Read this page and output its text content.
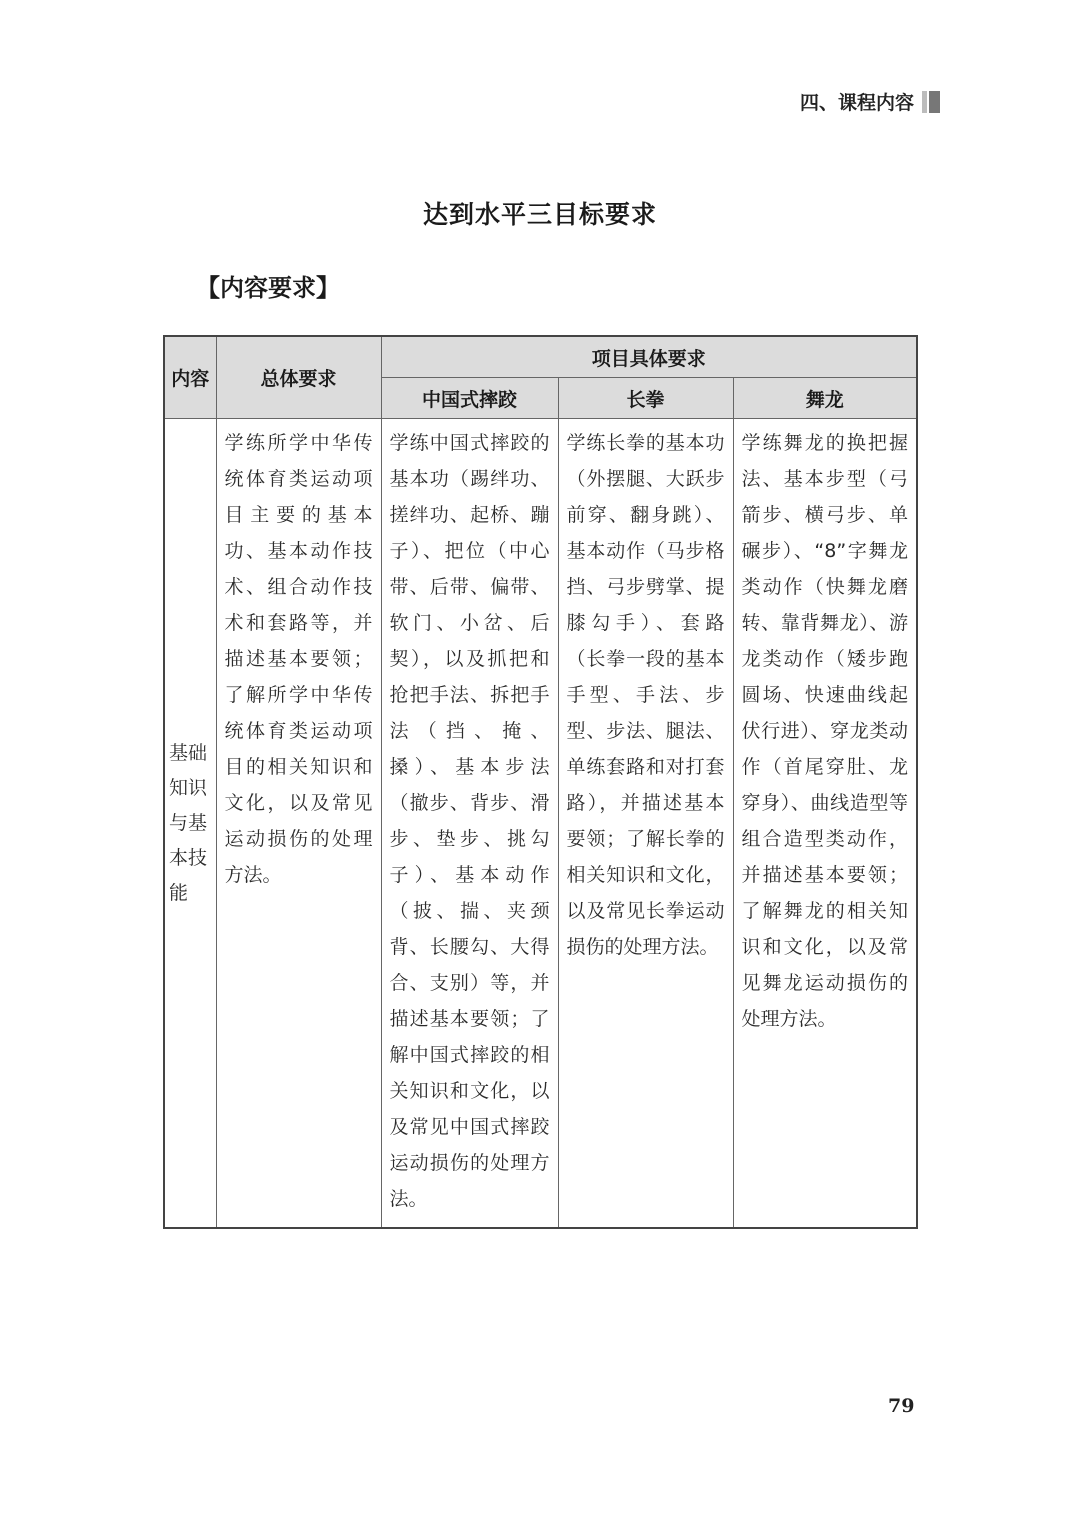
四、课程内容
达到水平三目标要求
【内容要求】
内容	总体要求	项目具体要求		
		中国式摔跤	长拳	舞龙
基础知识与基本技能	学练所学中华传统体育类运动项目主要的基本功、基本动作技术、组合动作技术和套路等，并描述基本要领；了解所学中华传统体育类运动项目的相关知识和文化，以及常见运动损伤的处理方法。	学练中国式摔跤的基本功（踢绊功、搓绊功、起桥、蹦子）、把位（中心带、后带、偏带、软门、小岔、后契），以及抓把和抢把手法、拆把手法（挡、掩、搡）、基本步法（撤步、背步、滑步、垫步、挑勾子）、基本动作（披、揣、夹颈背、长腰勾、大得合、支别）等，并描述基本要领；了解中国式摔跤的相关知识和文化，以及常见中国式摔跤运动损伤的处理方法。	学练长拳的基本功（外摆腿、大跃步前穿、翻身跳）、基本动作（马步格挡、弓步劈掌、提膝勾手）、套路（长拳一段的基本手型、手法、步型、步法、腿法、单练套路和对打套路），并描述基本要领；了解长拳的相关知识和文化，以及常见长拳运动损伤的处理方法。	学练舞龙的换把握法、基本步型（弓箭步、横弓步、单碾步）、“8”字舞龙类动作（快舞龙磨转、靠背舞龙）、游龙类动作（矮步跑圆场、快速曲线起伏行进）、穿龙类动作（首尾穿肚、龙穿身）、曲线造型等组合造型类动作，并描述基本要领；了解舞龙的相关知识和文化，以及常见舞龙运动损伤的处理方法。
79
